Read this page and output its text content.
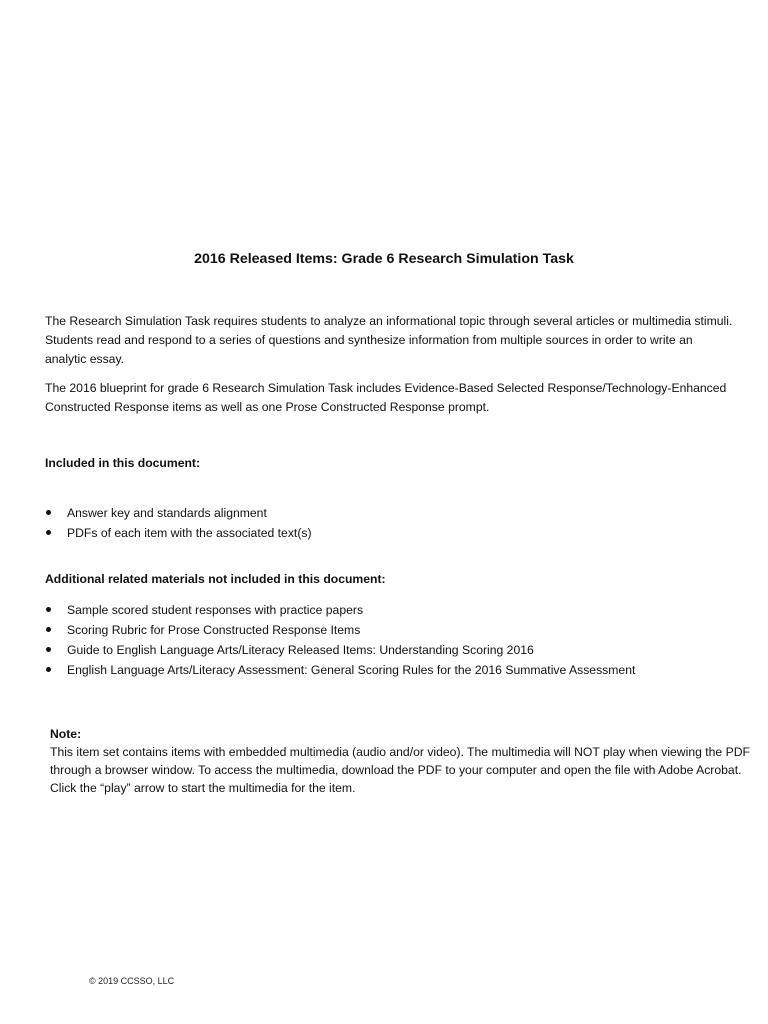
2016 Released Items: Grade 6 Research Simulation Task
The Research Simulation Task requires students to analyze an informational topic through several articles or multimedia stimuli. Students read and respond to a series of questions and synthesize information from multiple sources in order to write an analytic essay.
The 2016 blueprint for grade 6 Research Simulation Task includes Evidence-Based Selected Response/Technology-Enhanced Constructed Response items as well as one Prose Constructed Response prompt.
Included in this document:
Answer key and standards alignment
PDFs of each item with the associated text(s)
Additional related materials not included in this document:
Sample scored student responses with practice papers
Scoring Rubric for Prose Constructed Response Items
Guide to English Language Arts/Literacy Released Items: Understanding Scoring 2016
English Language Arts/Literacy Assessment: General Scoring Rules for the 2016 Summative Assessment
Note:
This item set contains items with embedded multimedia (audio and/or video). The multimedia will NOT play when viewing the PDF through a browser window. To access the multimedia, download the PDF to your computer and open the file with Adobe Acrobat. Click the “play” arrow to start the multimedia for the item.
© 2019 CCSSO, LLC
